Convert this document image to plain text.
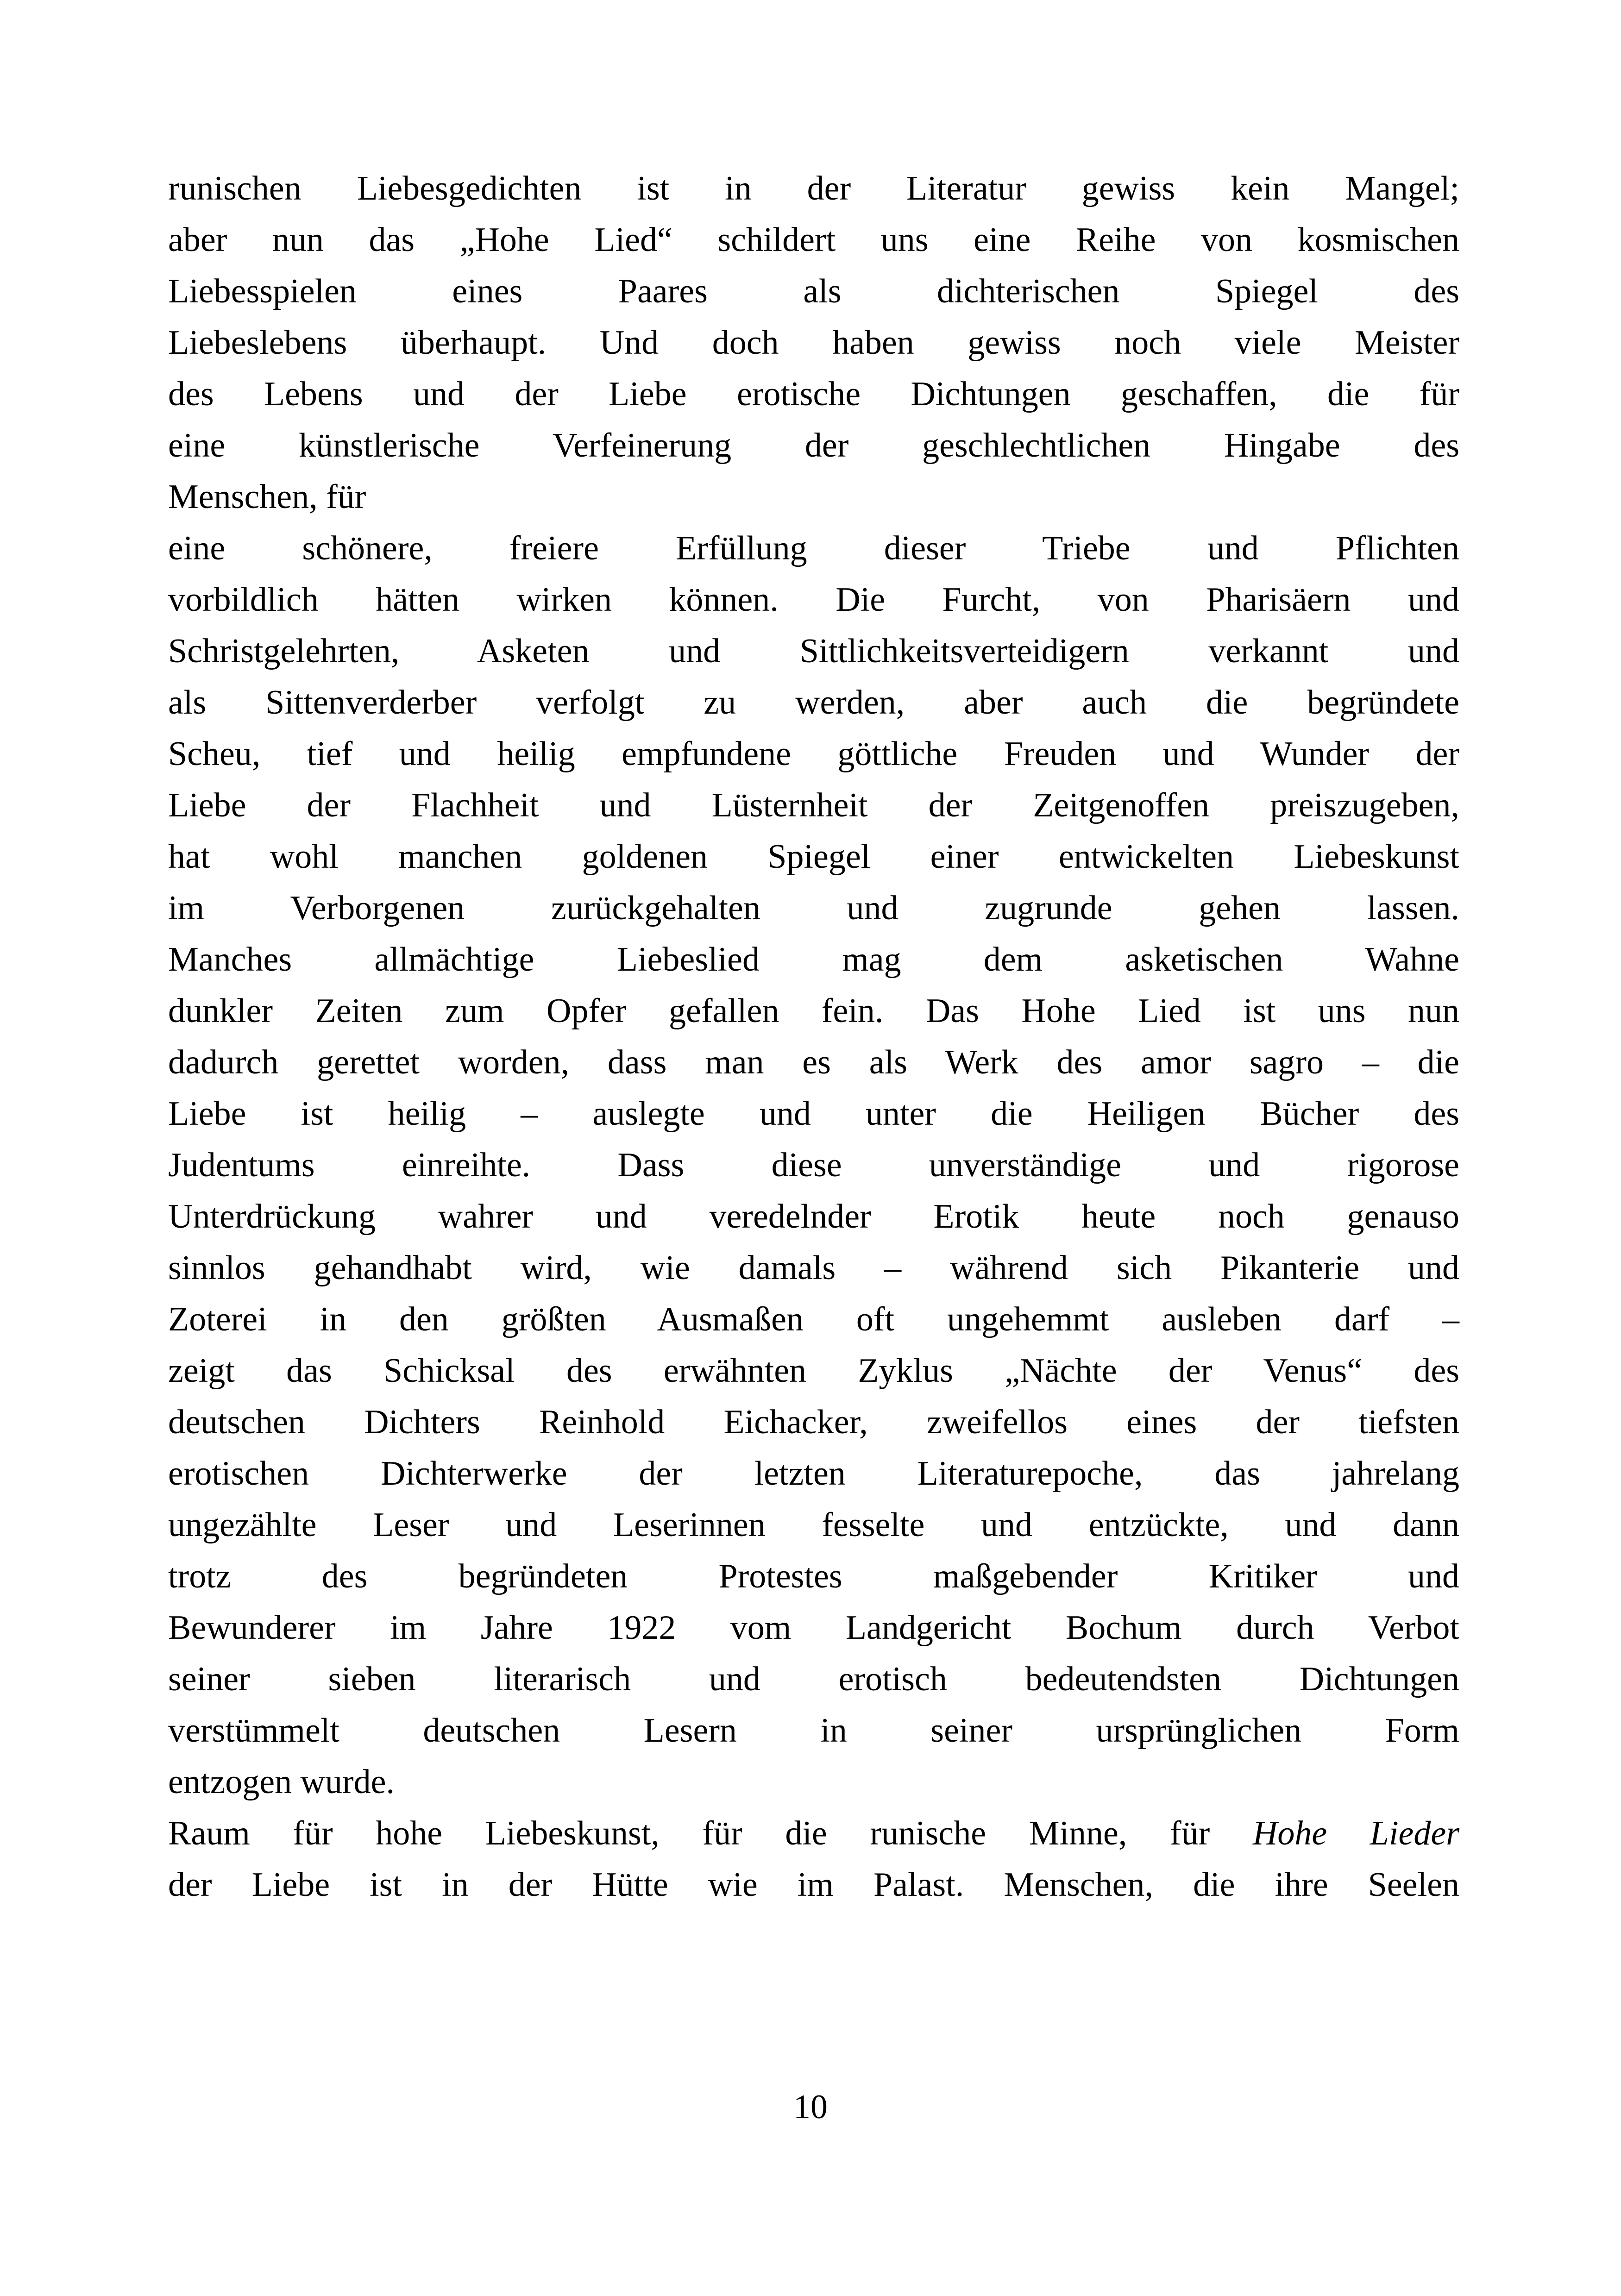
runischen Liebesgedichten ist in der Literatur gewiss kein Mangel;
aber nun das „Hohe Lied“ schildert uns eine Reihe von kosmischen
Liebesspielen eines Paares als dichterischen Spiegel des
Liebeslebens überhaupt. Und doch haben gewiss noch viele Meister
des Lebens und der Liebe erotische Dichtungen geschaffen, die für
eine künstlerische Verfeinerung der geschlechtlichen Hingabe des
Menschen, für
eine schönere, freiere Erfüllung dieser Triebe und Pflichten
vorbildlich hätten wirken können. Die Furcht, von Pharisäern und
Schristgelehrten, Asketen und Sittlichkeitsverteidigern verkannt und
als Sittenverderber verfolgt zu werden, aber auch die begründete
Scheu, tief und heilig empfundene göttliche Freuden und Wunder der
Liebe der Flachheit und Lüsternheit der Zeitgenoffen preiszugeben,
hat wohl manchen goldenen Spiegel einer entwickelten Liebeskunst
im Verborgenen zurückgehalten und zugrunde gehen lassen.
Manches allmächtige Liebeslied mag dem asketischen Wahne
dunkler Zeiten zum Opfer gefallen fein. Das Hohe Lied ist uns nun
dadurch gerettet worden, dass man es als Werk des amor sagro – die
Liebe ist heilig – auslegte und unter die Heiligen Bücher des
Judentums einreihte. Dass diese unverständige und rigorose
Unterdrückung wahrer und veredelnder Erotik heute noch genauso
sinnlos gehandhabt wird, wie damals – während sich Pikanterie und
Zoterei in den größten Ausmaßen oft ungehemmt ausleben darf –
zeigt das Schicksal des erwähnten Zyklus „Nächte der Venus“ des
deutschen Dichters Reinhold Eichacker, zweifellos eines der tiefsten
erotischen Dichterwerke der letzten Literaturepoche, das jahrelang
ungezählte Leser und Leserinnen fesselte und entzückte, und dann
trotz des begründeten Protestes maßgebender Kritiker und
Bewunderer im Jahre 1922 vom Landgericht Bochum durch Verbot
seiner sieben literarisch und erotisch bedeutendsten Dichtungen
verstümmelt deutschen Lesern in seiner ursprünglichen Form
entzogen wurde.
Raum für hohe Liebeskunst, für die runische Minne, für Hohe Lieder
der Liebe ist in der Hütte wie im Palast. Menschen, die ihre Seelen
10
